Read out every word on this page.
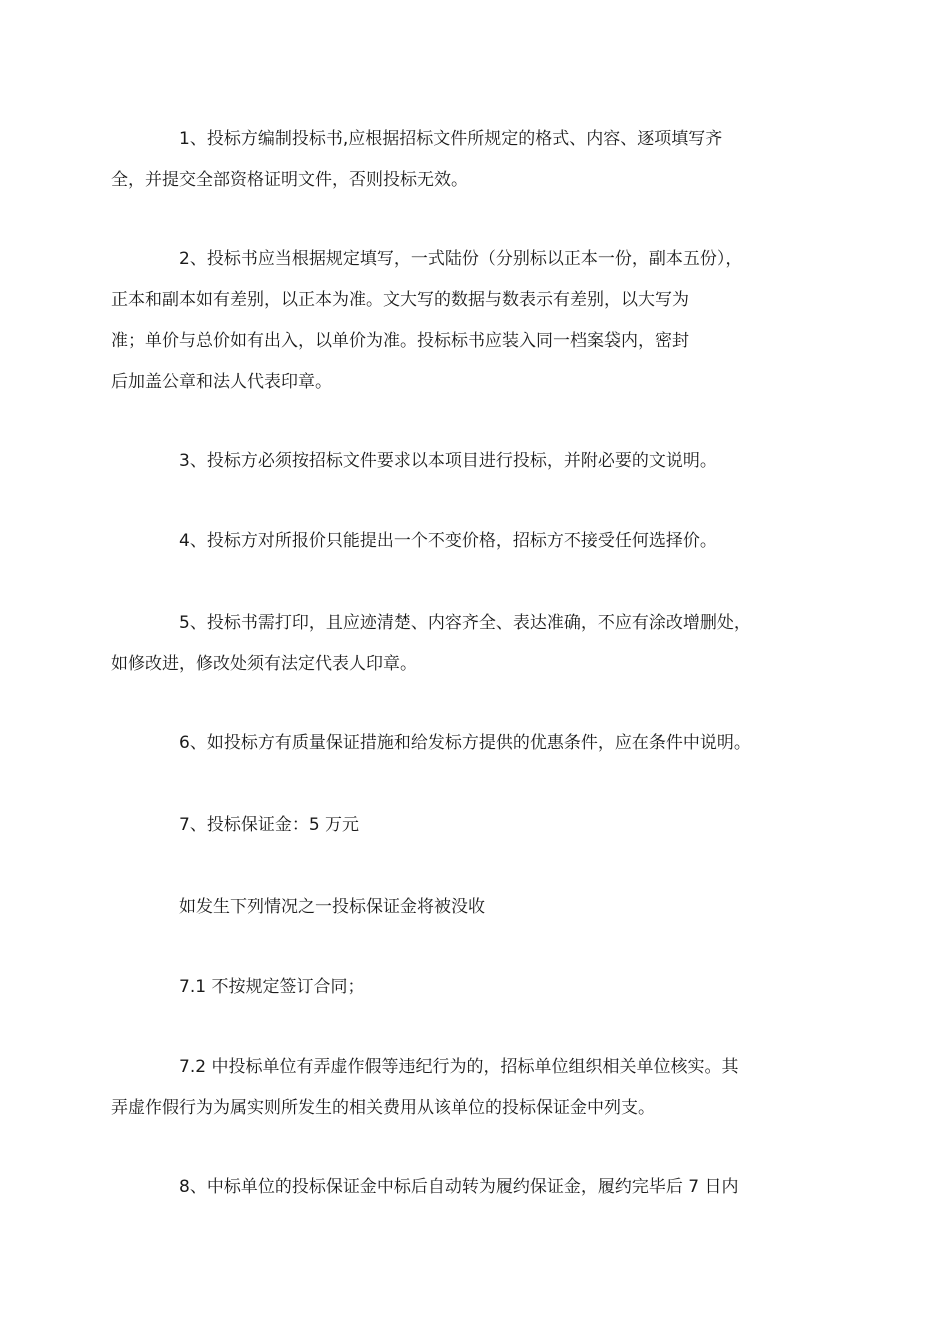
1、投标方编制投标书,应根据招标文件所规定的格式、内容、逐项填写齐
全，并提交全部资格证明文件，否则投标无效。

2、投标书应当根据规定填写，一式陆份（分别标以正本一份，副本五份），
正本和副本如有差别，以正本为准。文大写的数据与数表示有差别，以大写为
准；单价与总价如有出入，以单价为准。投标标书应装入同一档案袋内，密封
后加盖公章和法人代表印章。

3、投标方必须按招标文件要求以本项目进行投标，并附必要的文说明。

4、投标方对所报价只能提出一个不变价格，招标方不接受任何选择价。

5、投标书需打印，且应迹清楚、内容齐全、表达准确，不应有涂改增删处，
如修改进，修改处须有法定代表人印章。

6、如投标方有质量保证措施和给发标方提供的优惠条件，应在条件中说明。

7、投标保证金：5 万元

如发生下列情况之一投标保证金将被没收

7.1 不按规定签订合同；

7.2 中投标单位有弄虚作假等违纪行为的，招标单位组织相关单位核实。其
弄虚作假行为为属实则所发生的相关费用从该单位的投标保证金中列支。

8、中标单位的投标保证金中标后自动转为履约保证金，履约完毕后 7 日内
